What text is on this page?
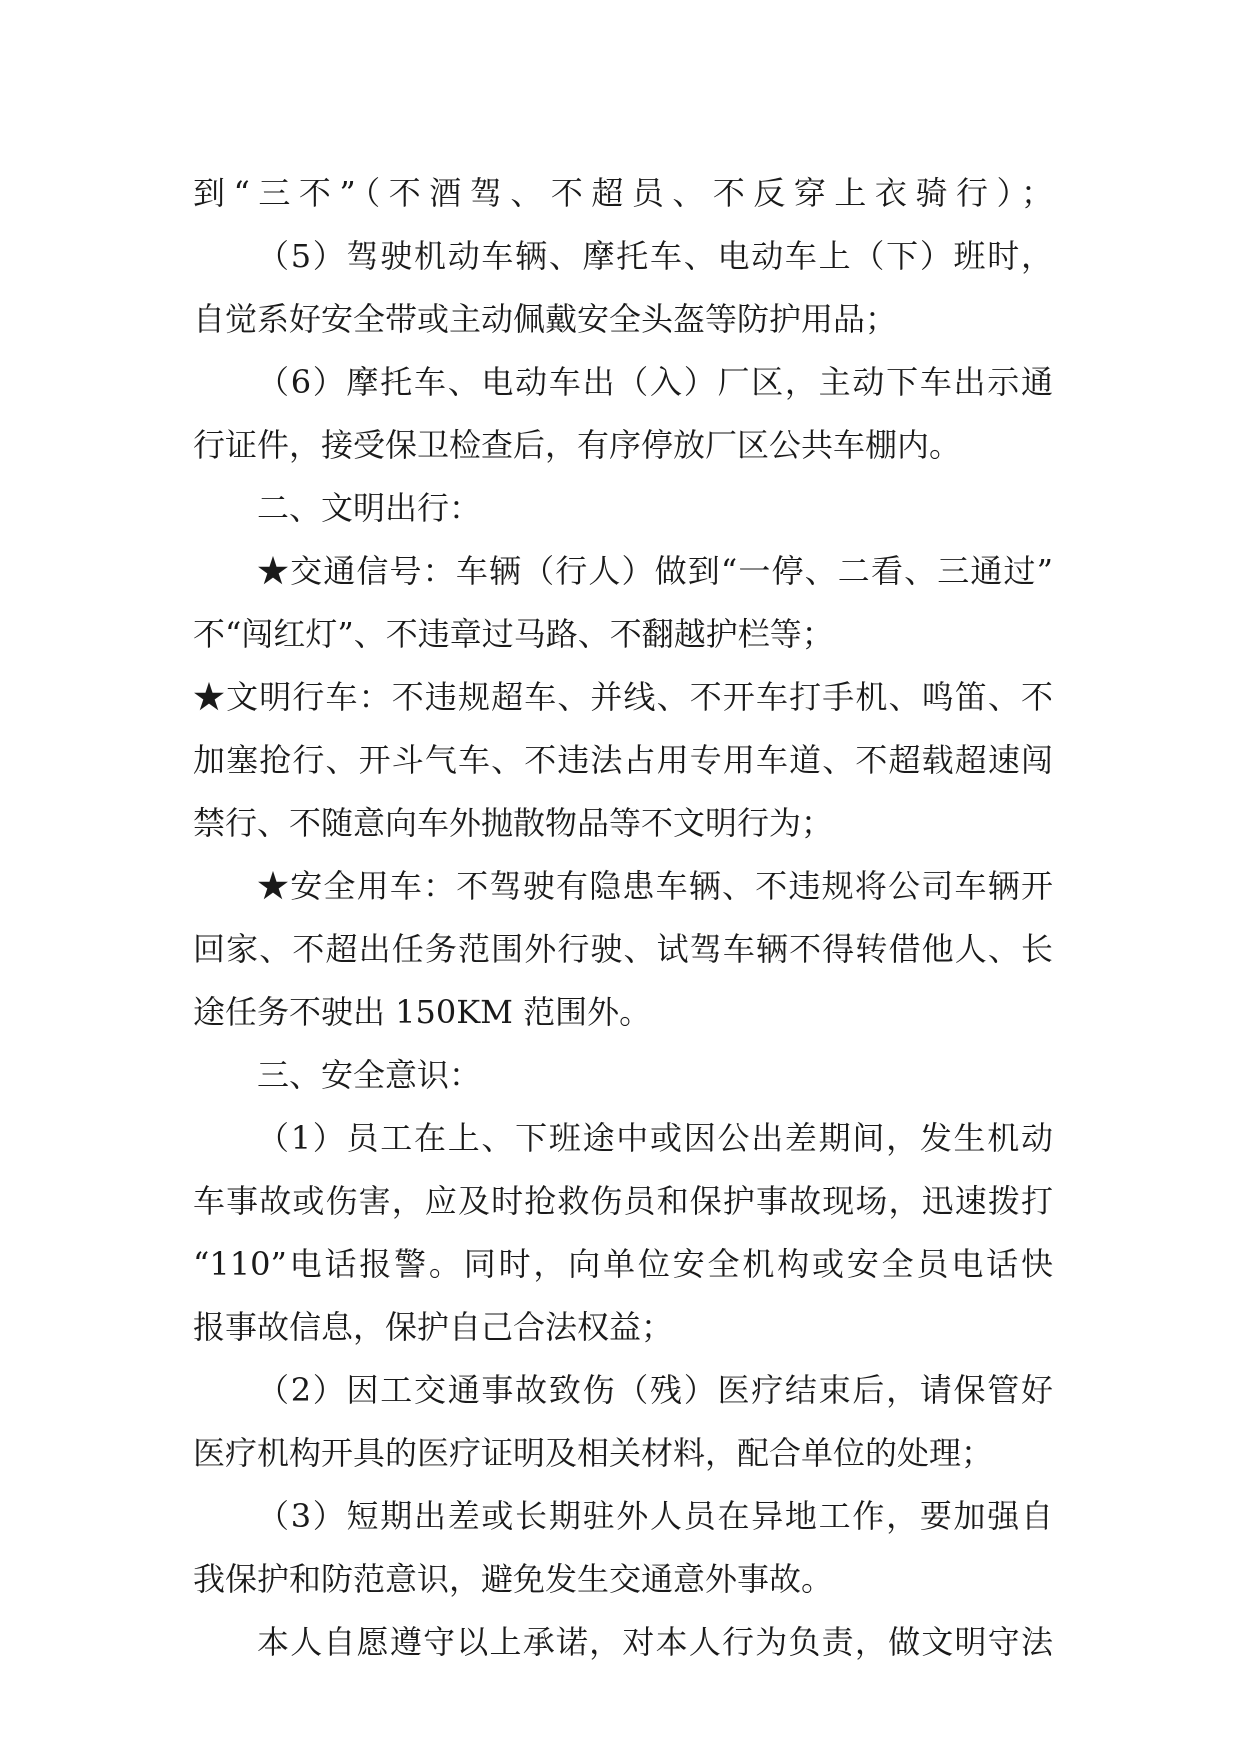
到“三不”（不酒驾、不超员、不反穿上衣骑行）；
（5）驾驶机动车辆、摩托车、电动车上（下）班时，
自觉系好安全带或主动佩戴安全头盔等防护用品；
（6）摩托车、电动车出（入）厂区，主动下车出示通
行证件，接受保卫检查后，有序停放厂区公共车棚内。
二、文明出行：
★交通信号：车辆（行人）做到“一停、二看、三通过”
不“闯红灯”、不违章过马路、不翻越护栏等；
★文明行车：不违规超车、并线、不开车打手机、鸣笛、不
加塞抢行、开斗气车、不违法占用专用车道、不超载超速闯
禁行、不随意向车外抛散物品等不文明行为；
★安全用车：不驾驶有隐患车辆、不违规将公司车辆开
回家、不超出任务范围外行驶、试驾车辆不得转借他人、长
途任务不驶出 150KM 范围外。
三、安全意识：
（1）员工在上、下班途中或因公出差期间，发生机动
车事故或伤害，应及时抢救伤员和保护事故现场，迅速拨打
“110”电话报警。同时，向单位安全机构或安全员电话快
报事故信息，保护自己合法权益；
（2）因工交通事故致伤（残）医疗结束后，请保管好
医疗机构开具的医疗证明及相关材料，配合单位的处理；
（3）短期出差或长期驻外人员在异地工作，要加强自
我保护和防范意识，避免发生交通意外事故。
本人自愿遵守以上承诺，对本人行为负责，做文明守法
